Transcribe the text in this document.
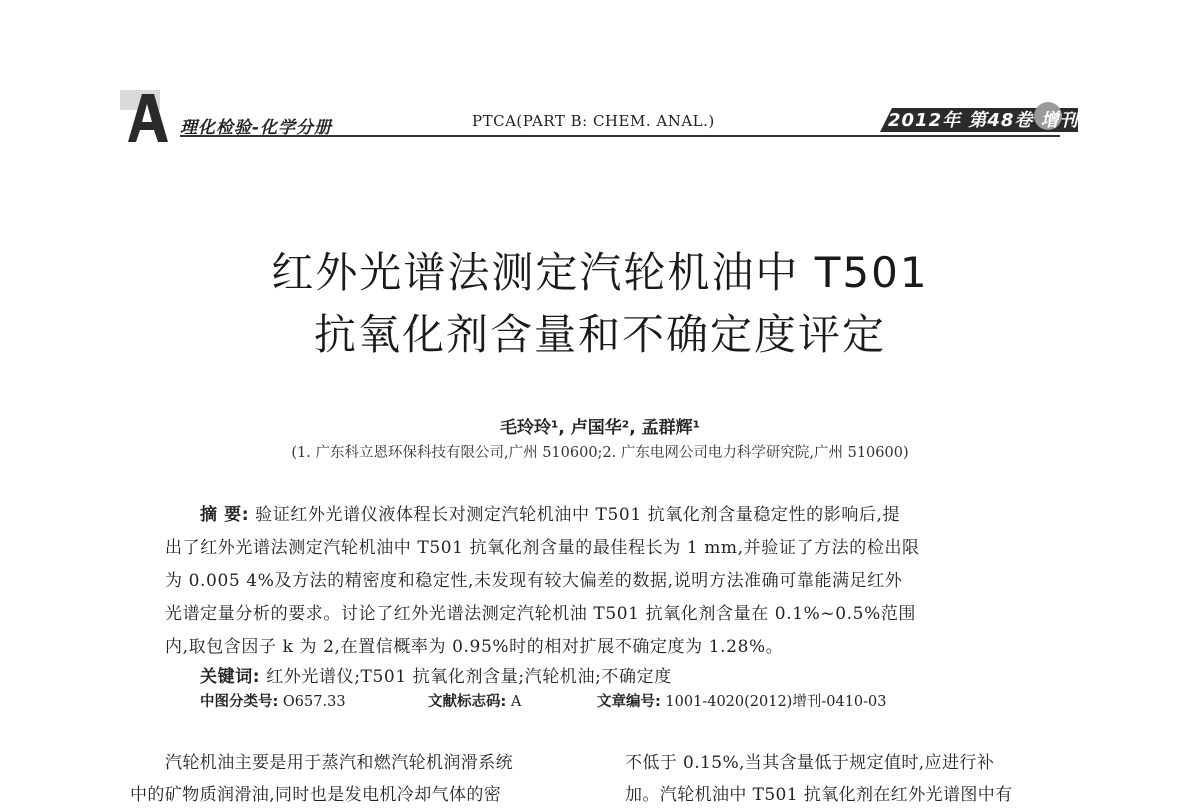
理化检验-化学分册	PTCA(PART B: CHEM. ANAL.)	2012年 第48卷 增刊
红外光谱法测定汽轮机油中 T501
抗氧化剂含量和不确定度评定
毛玲玲¹, 卢国华², 孟群辉¹
(1. 广东科立恩环保科技有限公司,广州 510600;2. 广东电网公司电力科学研究院,广州 510600)
摘 要: 验证红外光谱仪液体程长对测定汽轮机油中 T501 抗氧化剂含量稳定性的影响后,提
出了红外光谱法测定汽轮机油中 T501 抗氧化剂含量的最佳程长为 1 mm,并验证了方法的检出限
为 0.005 4%及方法的精密度和稳定性,未发现有较大偏差的数据,说明方法准确可靠能满足红外
光谱定量分析的要求。讨论了红外光谱法测定汽轮机油 T501 抗氧化剂含量在 0.1%~0.5%范围
内,取包含因子 k 为 2,在置信概率为 0.95%时的相对扩展不确定度为 1.28%。
关键词: 红外光谱仪;T501 抗氧化剂含量;汽轮机油;不确定度
中图分类号: O657.33	文献标志码: A	文章编号: 1001-4020(2012)增刊-0410-03
汽轮机油主要是用于蒸汽和燃汽轮机润滑系统
中的矿物质润滑油,同时也是发电机冷却气体的密
不低于 0.15%,当其含量低于规定值时,应进行补
加。汽轮机油中 T501 抗氧化剂在红外光谱图中有
